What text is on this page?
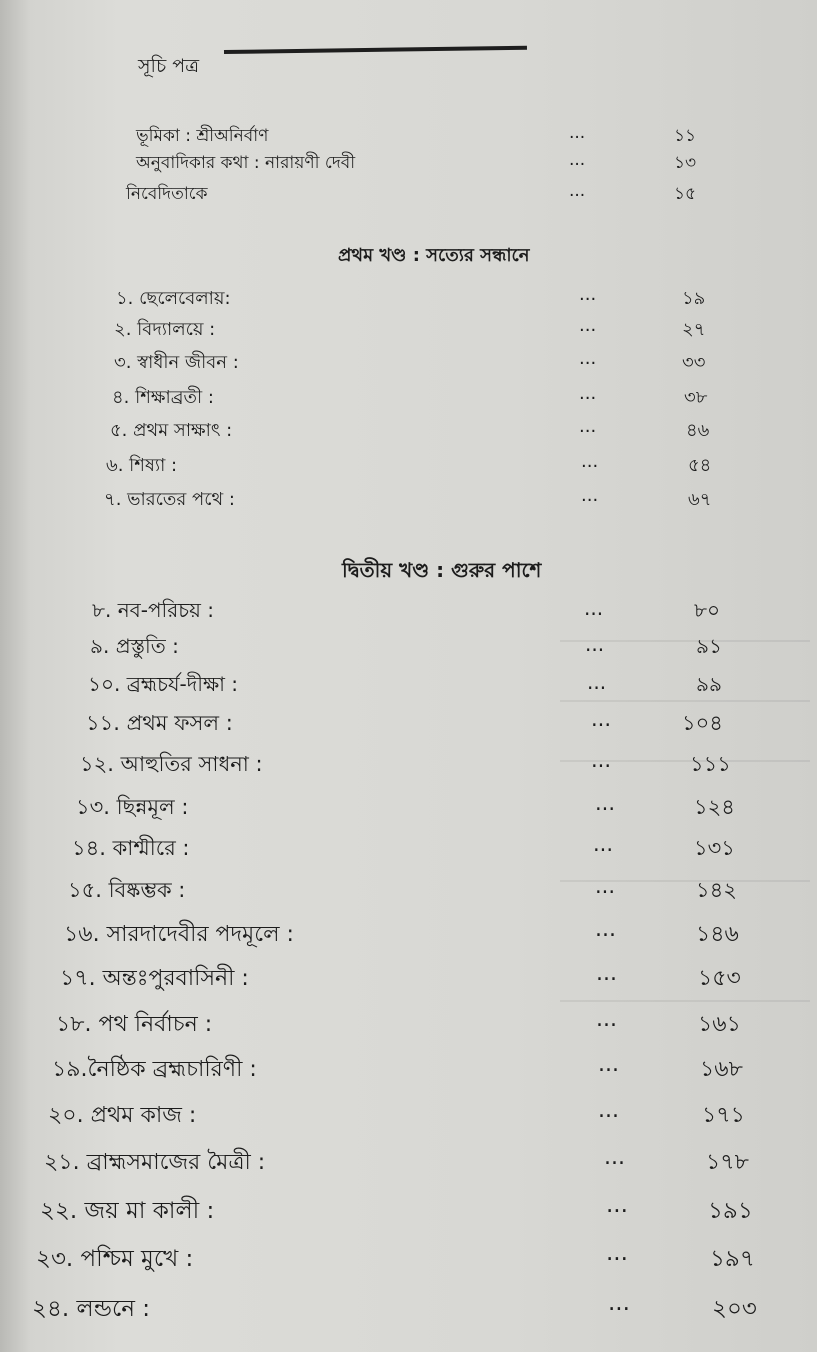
সূচি পত্র
ভূমিকা : শ্রীঅনির্বাণ	...	১১
অনুবাদিকার কথা : নারায়ণী দেবী	...	১৩
নিবেদিতাকে	...	১৫
প্রথম খণ্ড : সত্যের সন্ধানে
১. ছেলেবেলায়:	...	১৯
২. বিদ্যালয়ে :	...	২৭
৩. স্বাধীন জীবন :	...	৩৩
৪. শিক্ষাব্রতী :	...	৩৮
৫. প্রথম সাক্ষাৎ :	...	৪৬
৬. শিষ্যা :	...	৫৪
৭. ভারতের পথে :	...	৬৭
দ্বিতীয় খণ্ড : গুরুর পাশে
৮. নব-পরিচয় :	...	৮০
৯. প্রস্তুতি :	...	৯১
১০. ব্রহ্মচর্য-দীক্ষা :	...	৯৯
১১. প্রথম ফসল :	...	১০৪
১২. আহুতির সাধনা :	...	১১১
১৩. ছিন্নমূল :	...	১২৪
১৪. কাশ্মীরে :	...	১৩১
১৫. বিষ্কম্ভক :	...	১৪২
১৬. সারদাদেবীর পদমূলে :	...	১৪৬
১৭. অন্তঃপুরবাসিনী :	...	১৫৩
১৮. পথ নির্বাচন :	...	১৬১
১৯.নৈষ্ঠিক ব্রহ্মচারিণী :	...	১৬৮
২০. প্রথম কাজ :	...	১৭১
২১. ব্রাহ্মসমাজের মৈত্রী :	...	১৭৮
২২. জয় মা কালী :	...	১৯১
২৩. পশ্চিম মুখে :	...	১৯৭
২৪. লন্ডনে :	...	২০৩
